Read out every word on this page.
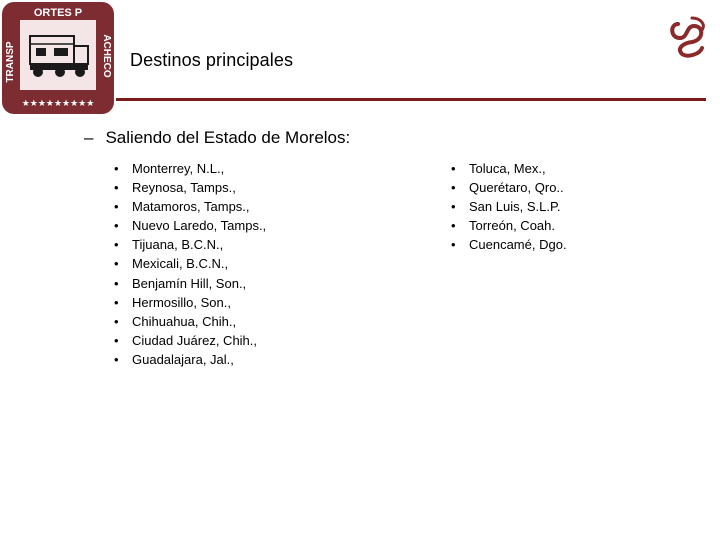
ORTES P
TRANSP	ACHECO
★★★★★★★★★
Destinos principales
– Saliendo del Estado de Morelos:
• Monterrey, N.L.,
• Reynosa, Tamps.,
• Matamoros, Tamps.,
• Nuevo Laredo, Tamps.,
• Tijuana, B.C.N.,
• Mexicali, B.C.N.,
• Benjamín Hill, Son.,
• Hermosillo, Son.,
• Chihuahua, Chih.,
• Ciudad Juárez, Chih.,
• Guadalajara, Jal.,
• Toluca, Mex.,
• Querétaro, Qro..
• San Luis, S.L.P.
• Torreón, Coah.
• Cuencamé, Dgo.
